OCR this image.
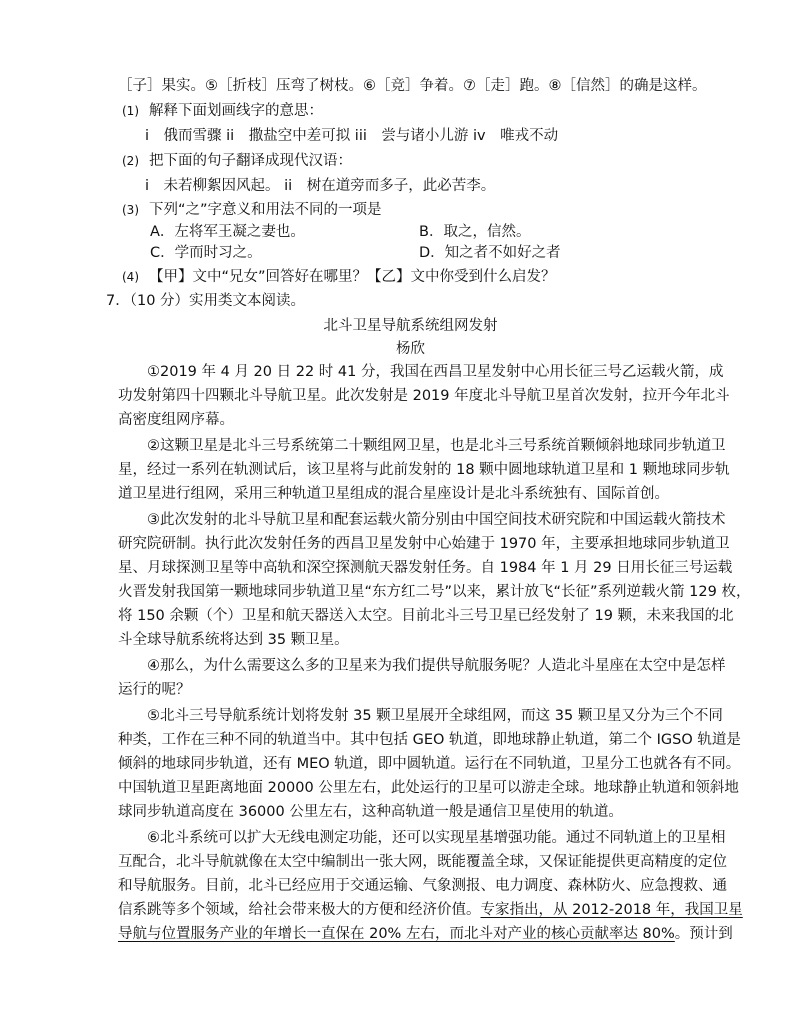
［子］果实。⑤［折枝］压弯了树枝。⑥［竞］争着。⑦［走］跑。⑧［信然］的确是这样。
(1) 解释下面划画线字的意思：
i　俄而雪骤 ii　撒盐空中差可拟 iii　尝与诸小儿游 iv　唯戎不动
(2) 把下面的句子翻译成现代汉语：
i　未若柳絮因风起。 ii　树在道旁而多子，此必苦李。
(3) 下列“之”字意义和用法不同的一项是
A．左将军王凝之妻也。	B．取之，信然。
C．学而时习之。	D．知之者不如好之者
(4) 【甲】文中“兄女”回答好在哪里？【乙】文中你受到什么启发？
7．（10 分）实用类文本阅读。
北斗卫星导航系统组网发射
杨欣
①2019 年 4 月 20 日 22 时 41 分，我国在西昌卫星发射中心用长征三号乙运载火箭，成
功发射第四十四颗北斗导航卫星。此次发射是 2019 年度北斗导航卫星首次发射，拉开今年北斗
高密度组网序幕。
②这颗卫星是北斗三号系统第二十颗组网卫星，也是北斗三号系统首颗倾斜地球同步轨道卫
星，经过一系列在轨测试后，该卫星将与此前发射的 18 颗中圆地球轨道卫星和 1 颗地球同步轨
道卫星进行组网，采用三种轨道卫星组成的混合星座设计是北斗系统独有、国际首创。
③此次发射的北斗导航卫星和配套运载火箭分别由中国空间技术研究院和中国运载火箭技术
研究院研制。执行此次发射任务的西昌卫星发射中心始建于 1970 年，主要承担地球同步轨道卫
星、月球探测卫星等中高轨和深空探测航天器发射任务。自 1984 年 1 月 29 日用长征三号运载
火晋发射我国第一颗地球同步轨道卫星“东方红二号”以来，累计放飞“长征”系列逆载火箭 129 枚，
将 150 余颗（个）卫星和航天器送入太空。目前北斗三号卫星已经发射了 19 颗，未来我国的北
斗全球导航系统将达到 35 颗卫星。
④那么，为什么需要这么多的卫星来为我们提供导航服务呢？人造北斗星座在太空中是怎样
运行的呢？
⑤北斗三号导航系统计划将发射 35 颗卫星展开全球组网，而这 35 颗卫星又分为三个不同
种类，工作在三种不同的轨道当中。其中包括 GEO 轨道，即地球静止轨道，第二个 IGSO 轨道是
倾斜的地球同步轨道，还有 MEO 轨道，即中圆轨道。运行在不同轨道，卫星分工也就各有不同。
中国轨道卫星距离地面 20000 公里左右，此处运行的卫星可以游走全球。地球静止轨道和领斜地
球同步轨道高度在 36000 公里左右，这种高轨道一般是通信卫星使用的轨道。
⑥北斗系统可以扩大无线电测定功能，还可以实现星基增强功能。通过不同轨道上的卫星相
互配合，北斗导航就像在太空中编制出一张大网，既能覆盖全球，又保证能提供更高精度的定位
和导航服务。目前，北斗已经应用于交通运输、气象测报、电力调度、森林防火、应急搜救、通
信系跳等多个领域，给社会带来极大的方便和经济价值。专家指出，从 2012-2018 年，我国卫星
导航与位置服务产业的年增长一直保在 20% 左右，而北斗对产业的核心贡献率达 80%。预计到
